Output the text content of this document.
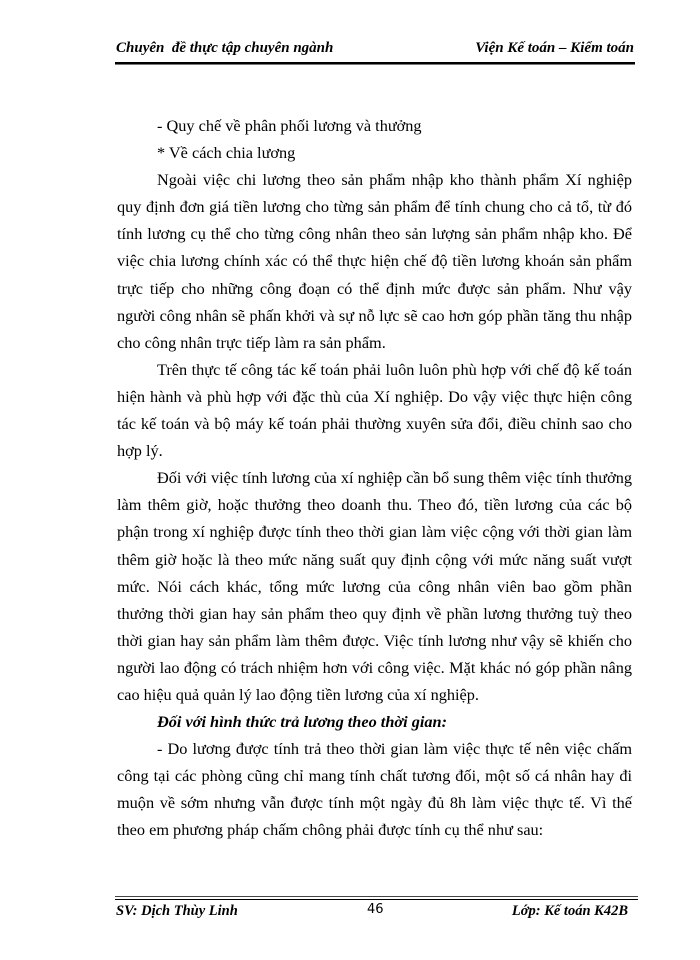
Chuyên  đề thực tập chuyên ngành	Viện Kế toán – Kiểm toán

- Quy chế về phân phối lương và thưởng

* Về cách chia lương

Ngoài việc chi lương theo sản phẩm nhập kho thành phẩm Xí nghiệp quy định đơn giá tiền lương cho từng sản phẩm để tính chung cho cả tổ, từ đó tính lương cụ thể cho từng công nhân theo sản lượng sản phẩm nhập kho. Để việc chia lương chính xác có thể thực hiện chế độ tiền lương khoán sản phẩm trực tiếp cho những công đoạn có thể định mức được sản phẩm. Như vậy người công nhân sẽ phấn khởi và sự nỗ lực sẽ cao hơn góp phần tăng thu nhập cho công nhân trực tiếp làm ra sản phẩm.

Trên thực tế công tác kế toán phải luôn luôn phù hợp với chế độ kế toán hiện hành và phù hợp với đặc thù của Xí nghiệp. Do vậy việc thực hiện công tác kế toán và bộ máy kế toán phải thường xuyên sửa đổi, điều chỉnh sao cho hợp lý.

Đối với việc tính lương của xí nghiệp cần bổ sung thêm việc tính thưởng làm thêm giờ, hoặc thưởng theo doanh thu. Theo đó, tiền lương của các bộ phận trong xí nghiệp được tính theo thời gian làm việc cộng với thời gian làm thêm giờ hoặc là theo mức năng suất quy định cộng với mức năng suất vượt mức. Nói cách khác, tổng mức lương của công nhân viên bao gồm phần thưởng thời gian hay sản phẩm theo quy định về phần lương thưởng tuỳ theo thời gian hay sản phẩm làm thêm được. Việc tính lương như vậy sẽ khiến cho người lao động có trách nhiệm hơn với công việc. Mặt khác nó góp phần nâng cao hiệu quả quản lý lao động tiền lương của xí nghiệp.

Đối với hình thức trả lương theo thời gian:

- Do lương được tính trả theo thời gian làm việc thực tế nên việc chấm công tại các phòng cũng chỉ mang tính chất tương đối, một số cá nhân hay đi muộn về sớm nhưng vẫn được tính một ngày đủ 8h làm việc thực tế. Vì thế theo em phương pháp chấm chông phải được tính cụ thể như sau:

SV: Dịch Thùy Linh	46	Lớp: Kế toán K42B
